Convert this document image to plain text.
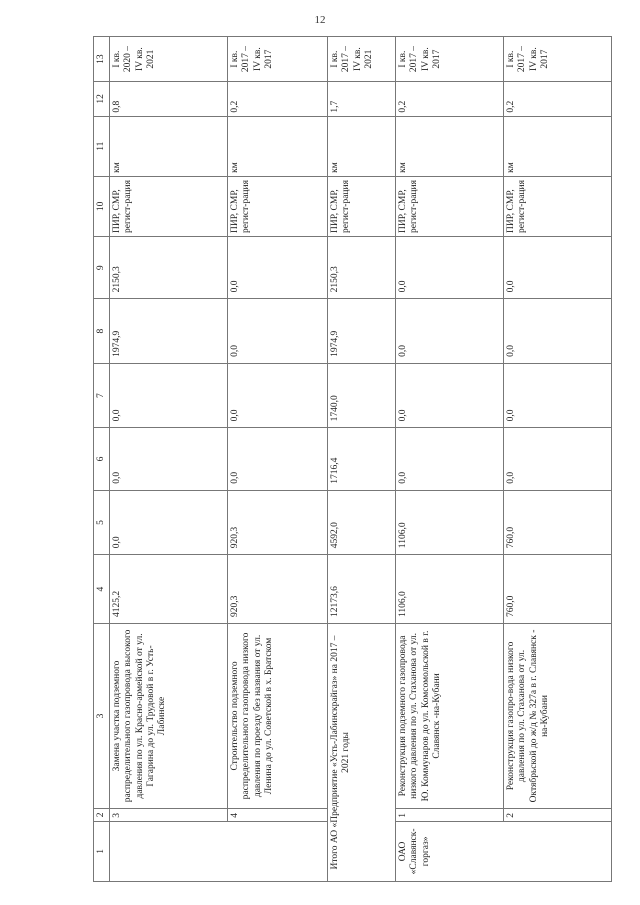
12
1	2	3	4	5	6	7	8	9	10	11	12	13
	3	Замена участка подземного распределительного газопровода высокого давления по ул. Красно-армейской от ул. Гагарина до ул. Трудовой в г. Усть-Лабинске	4125,2	0,0	0,0	0,0	1974,9	2150,3	ПИР, СМР, регист-рация	км	0,8	I кв. 2020 – IV кв. 2021
	4	Строительство подземного распределительного газопровода низкого давления по проезду без названия от ул. Ленина до ул. Советской в х. Братском	920,3	920,3	0,0	0,0	0,0	0,0	ПИР, СМР, регист-рация	км	0,2	I кв. 2017 – IV кв. 2017
Итого АО «Предприятие «Усть-Лабинскрайгаз» на 2017 – 2021 годы			12173,6	4592,0	1716,4	1740,0	1974,9	2150,3	ПИР, СМР, регист-рация	км	1,7	I кв. 2017 – IV кв. 2021
ОАО «Славянск-горгаз»	1	Реконструкция подземного газопровода низкого давления по ул. Стаханова от ул. Ю. Коммунаров до ул. Комсомольской в г. Славянск -на-Кубани	1106,0	1106,0	0,0	0,0	0,0	0,0	ПИР, СМР, регист-рация	км	0,2	I кв. 2017 – IV кв. 2017
	2	Реконструкция газопро-вода низкого давления по ул. Стаханова от ул. Октябрьской до ж/д № 327а в г. Славянск - на-Кубани	760,0	760,0	0,0	0,0	0,0	0,0	ПИР, СМР, регист-рация	км	0,2	I кв. 2017 – IV кв. 2017
